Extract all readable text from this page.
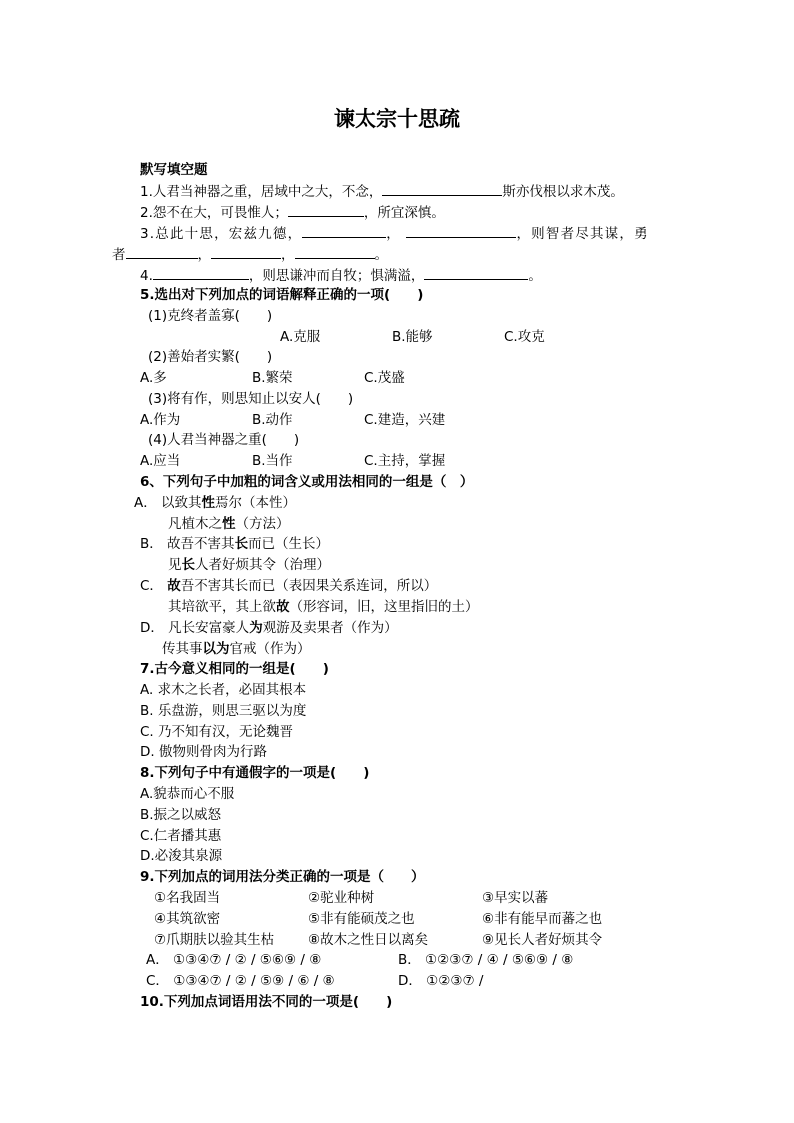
谏太宗十思疏
默写填空题
1.人君当神器之重，居域中之大，不念，	斯亦伐根以求木茂。
2.怨不在大，可畏惟人；	，所宜深慎。
3.总此十思，宏兹九德，	，	，则智者尽其谋，勇
者	，	，	。
4.	，则思谦冲而自牧；惧满溢，	。
5.选出对下列加点的词语解释正确的一项(　　)
(1)克终者盖寡(　　)
A.克服	B.能够	C.攻克
(2)善始者实繁(　　)
A.多	B.繁荣	C.茂盛
(3)将有作，则思知止以安人(　　)
A.作为	B.动作	C.建造，兴建
(4)人君当神器之重(　　)
A.应当	B.当作	C.主持，掌握
6、下列句子中加粗的词含义或用法相同的一组是（　）
A． 以致其性焉尔（本性）
凡植木之性（方法）
B． 故吾不害其长而已（生长）
见长人者好烦其令（治理）
C． 故吾不害其长而已（表因果关系连词，所以）
其培欲平，其上欲故（形容词，旧，这里指旧的土）
D． 凡长安富豪人为观游及卖果者（作为）
传其事以为官戒（作为）
7.古今意义相同的一组是(　　)
A. 求木之长者，必固其根本
B. 乐盘游，则思三驱以为度
C. 乃不知有汉，无论魏晋
D. 傲物则骨肉为行路
8.下列句子中有通假字的一项是(　　)
A.貌恭而心不服
B.振之以威怒
C.仁者播其惠
D.必浚其泉源
9.下列加点的词用法分类正确的一项是（　　）
①名我固当	②驼业种树	③早实以蕃
④其筑欲密	⑤非有能硕茂之也	⑥非有能早而蕃之也
⑦爪期肤以验其生枯	⑧故木之性日以离矣	⑨见长人者好烦其令
A． ①③④⑦ / ② / ⑤⑥⑨ / ⑧	B． ①②③⑦ / ④ / ⑤⑥⑨ / ⑧
C． ①③④⑦ / ② / ⑤⑨ / ⑥ / ⑧	D． ①②③⑦ /
10.下列加点词语用法不同的一项是(　　)
